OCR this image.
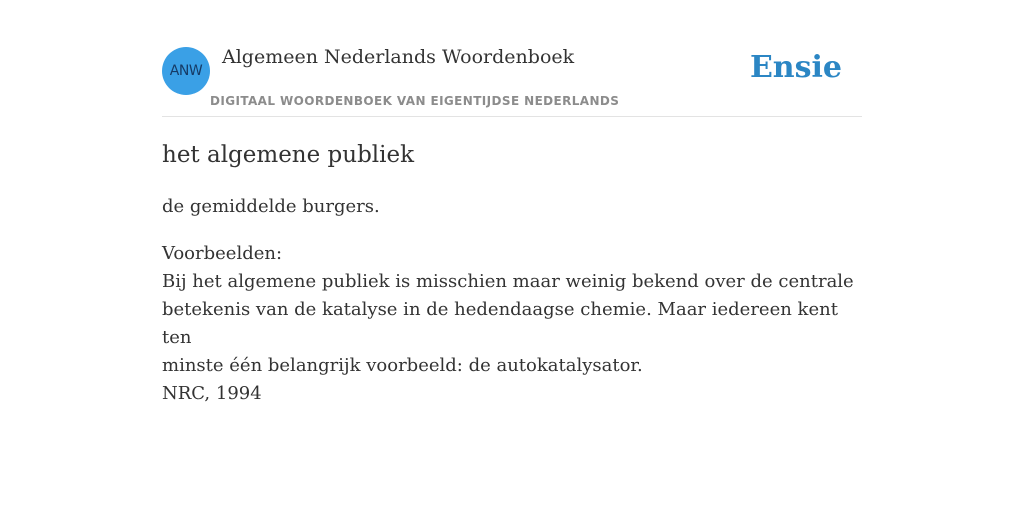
ANW
Algemeen Nederlands Woordenboek
DIGITAAL WOORDENBOEK VAN EIGENTIJDSE NEDERLANDS
Ensie
het algemene publiek

de gemiddelde burgers.

Voorbeelden:
Bij het algemene publiek is misschien maar weinig bekend over de centrale
betekenis van de katalyse in de hedendaagse chemie. Maar iedereen kent ten
minste één belangrijk voorbeeld: de autokatalysator.
NRC, 1994
